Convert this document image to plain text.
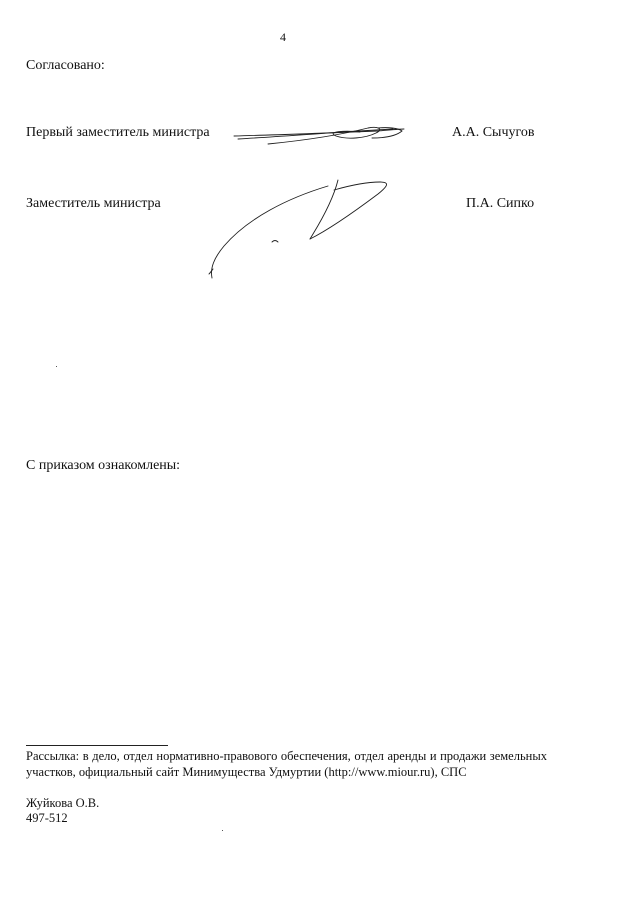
4
Согласовано:
Первый заместитель министра	А.А. Сычугов
Заместитель министра	П.А. Сипко
С приказом ознакомлены:
Рассылка: в дело, отдел нормативно-правового обеспечения, отдел аренды и продажи земельных участков, официальный сайт Минимущества Удмуртии (http://www.miour.ru), СПС
Жуйкова О.В.
497-512
